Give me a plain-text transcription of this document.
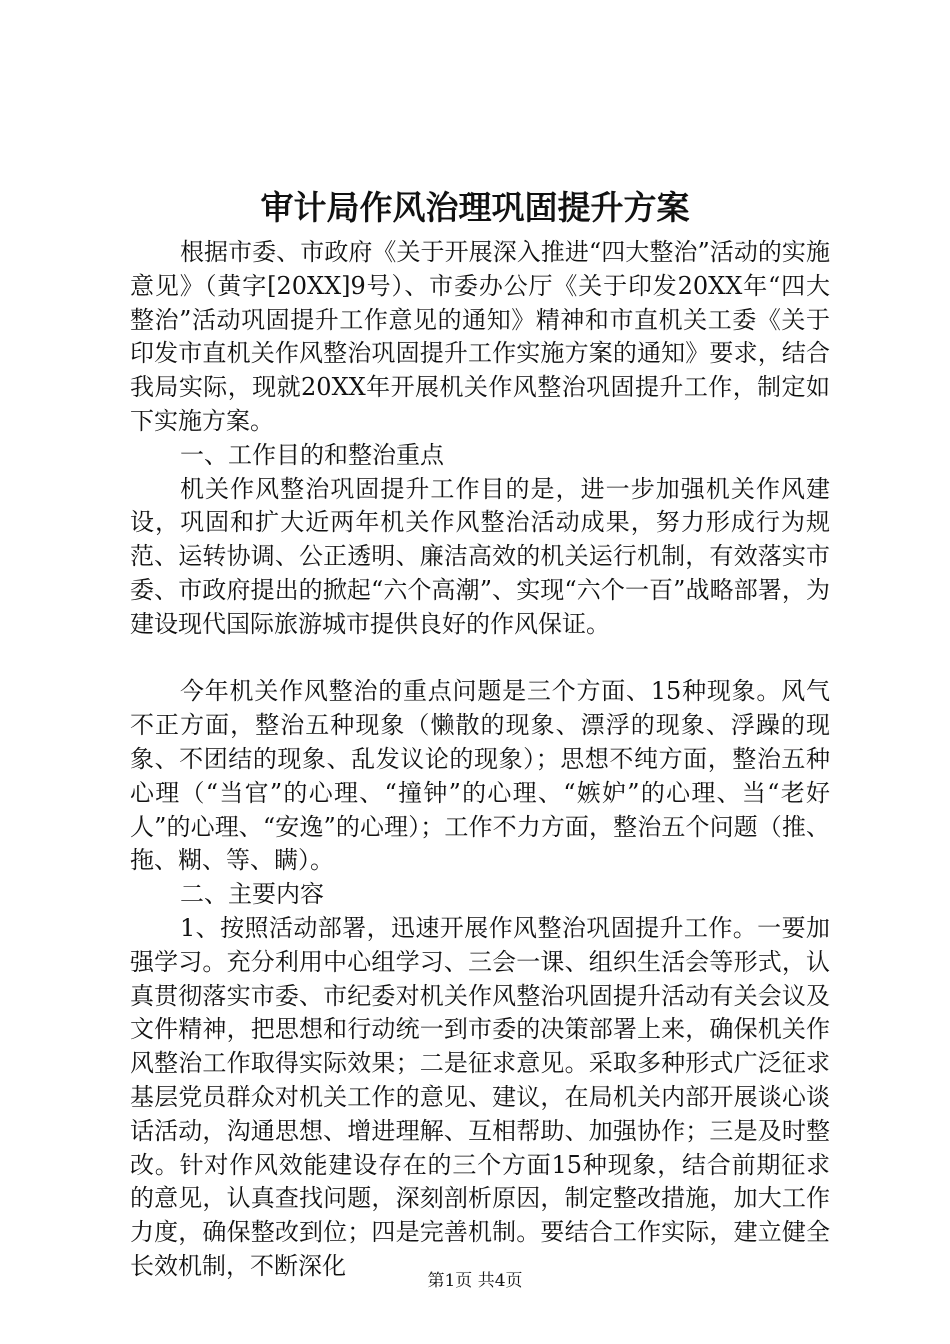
审计局作风治理巩固提升方案

根据市委、市政府《关于开展深入推进“四大整治”活动的实施意见》（黄字[20XX]9号）、市委办公厅《关于印发20XX年“四大整治”活动巩固提升工作意见的通知》精神和市直机关工委《关于印发市直机关作风整治巩固提升工作实施方案的通知》要求，结合我局实际，现就20XX年开展机关作风整治巩固提升工作，制定如下实施方案。

一、工作目的和整治重点

机关作风整治巩固提升工作目的是，进一步加强机关作风建设，巩固和扩大近两年机关作风整治活动成果，努力形成行为规范、运转协调、公正透明、廉洁高效的机关运行机制，有效落实市委、市政府提出的掀起“六个高潮”、实现“六个一百”战略部署，为建设现代国际旅游城市提供良好的作风保证。

今年机关作风整治的重点问题是三个方面、15种现象。风气不正方面，整治五种现象（懒散的现象、漂浮的现象、浮躁的现象、不团结的现象、乱发议论的现象）；思想不纯方面，整治五种心理（“当官”的心理、“撞钟”的心理、“嫉妒”的心理、当“老好人”的心理、“安逸”的心理）；工作不力方面，整治五个问题（推、拖、糊、等、瞒）。

二、主要内容

1、按照活动部署，迅速开展作风整治巩固提升工作。一要加强学习。充分利用中心组学习、三会一课、组织生活会等形式，认真贯彻落实市委、市纪委对机关作风整治巩固提升活动有关会议及文件精神，把思想和行动统一到市委的决策部署上来，确保机关作风整治工作取得实际效果；二是征求意见。采取多种形式广泛征求基层党员群众对机关工作的意见、建议，在局机关内部开展谈心谈话活动，沟通思想、增进理解、互相帮助、加强协作；三是及时整改。针对作风效能建设存在的三个方面15种现象，结合前期征求的意见，认真查找问题，深刻剖析原因，制定整改措施，加大工作力度，确保整改到位；四是完善机制。要结合工作实际，建立健全长效机制，不断深化

第1页 共4页
